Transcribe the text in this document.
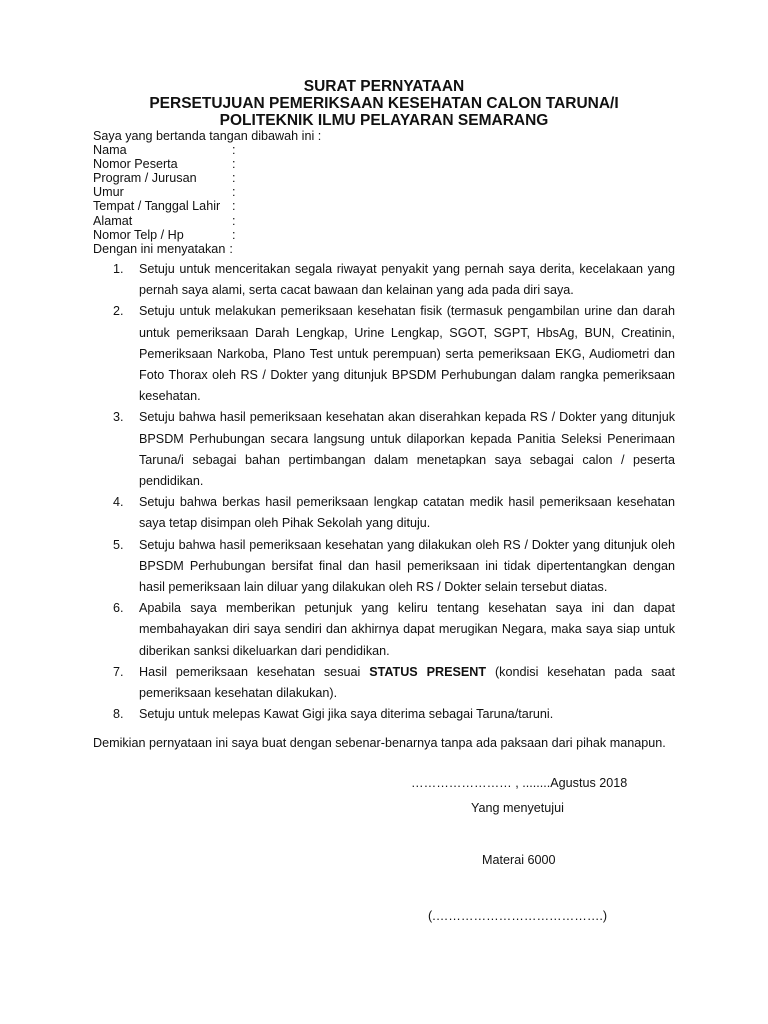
SURAT PERNYATAAN
PERSETUJUAN PEMERIKSAAN KESEHATAN CALON TARUNA/I
POLITEKNIK ILMU PELAYARAN SEMARANG
Saya yang bertanda tangan dibawah ini :
Nama	:
Nomor Peserta	:
Program / Jurusan	:
Umur	:
Tempat / Tanggal Lahir :
Alamat	:
Nomor Telp / Hp	:
Dengan ini menyatakan :
1.	Setuju untuk menceritakan segala riwayat penyakit yang pernah saya derita, kecelakaan yang pernah saya alami, serta cacat bawaan dan kelainan yang ada pada diri saya.
2.	Setuju untuk melakukan pemeriksaan kesehatan fisik (termasuk pengambilan urine dan darah untuk pemeriksaan Darah Lengkap, Urine Lengkap, SGOT, SGPT, HbsAg, BUN, Creatinin, Pemeriksaan Narkoba, Plano Test untuk perempuan) serta pemeriksaan EKG, Audiometri dan Foto Thorax oleh RS / Dokter yang ditunjuk BPSDM Perhubungan dalam rangka pemeriksaan kesehatan.
3.	Setuju bahwa hasil pemeriksaan kesehatan akan diserahkan kepada RS / Dokter yang ditunjuk BPSDM Perhubungan secara langsung untuk dilaporkan kepada Panitia Seleksi Penerimaan Taruna/i sebagai bahan pertimbangan dalam menetapkan saya sebagai calon / peserta pendidikan.
4.	Setuju bahwa berkas hasil pemeriksaan lengkap catatan medik hasil pemeriksaan kesehatan saya tetap disimpan oleh Pihak Sekolah yang dituju.
5.	Setuju bahwa hasil pemeriksaan kesehatan yang dilakukan oleh RS / Dokter yang ditunjuk oleh BPSDM Perhubungan bersifat final dan hasil pemeriksaan ini tidak dipertentangkan dengan hasil pemeriksaan lain diluar yang dilakukan oleh RS / Dokter selain tersebut diatas.
6.	Apabila saya memberikan petunjuk yang keliru tentang kesehatan saya ini dan dapat membahayakan diri saya sendiri dan akhirnya dapat merugikan Negara, maka saya siap untuk diberikan sanksi dikeluarkan dari pendidikan.
7.	Hasil pemeriksaan kesehatan sesuai STATUS PRESENT (kondisi kesehatan pada saat pemeriksaan kesehatan dilakukan).
8.	Setuju untuk melepas Kawat Gigi jika saya diterima sebagai Taruna/taruni.
Demikian pernyataan ini saya buat dengan sebenar-benarnya tanpa ada paksaan dari pihak manapun.
…………………… , ........Agustus 2018
Yang menyetujui
Materai 6000
(.………………………………….)
